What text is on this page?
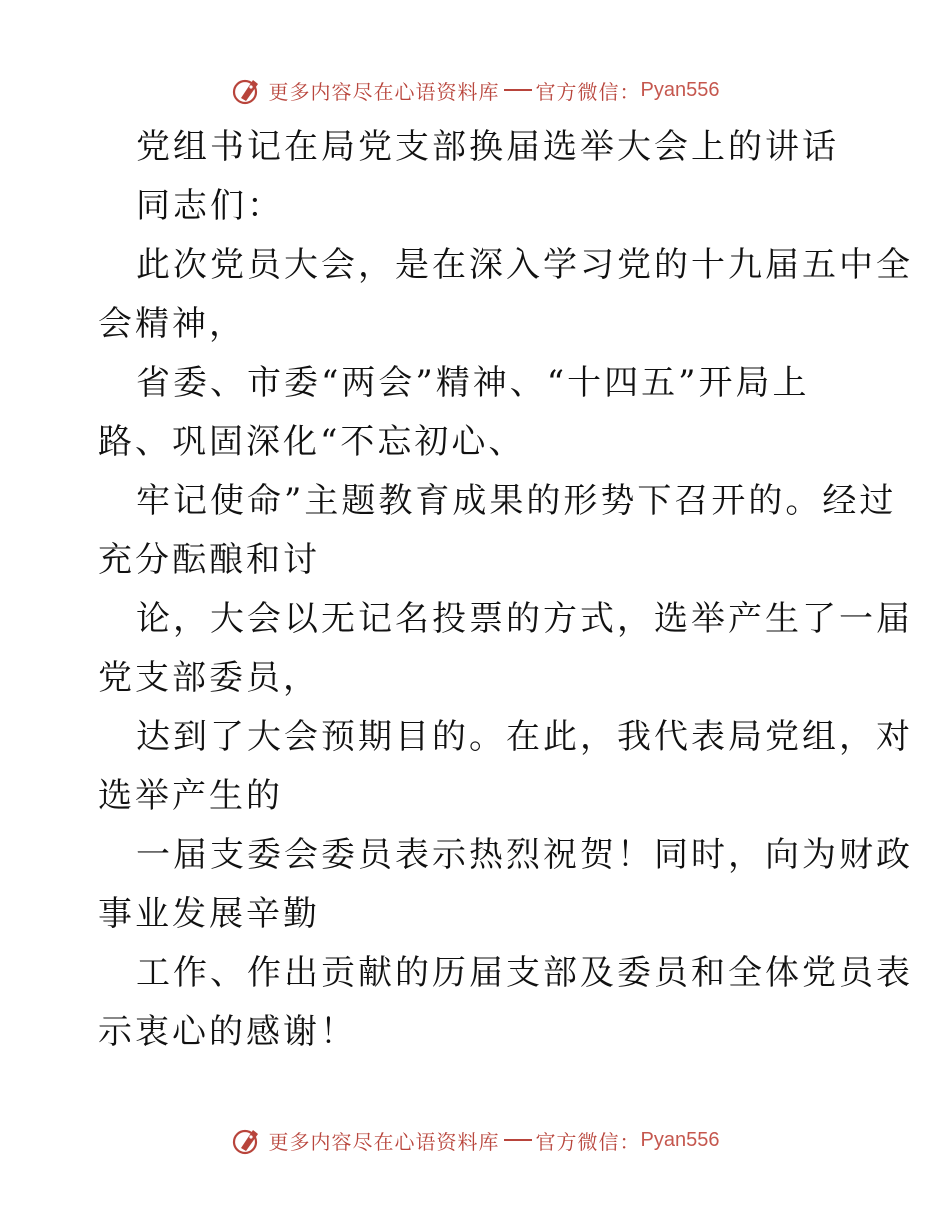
更多内容尽在心语资料库 官方微信： Pyan556
党组书记在局党支部换届选举大会上的讲话
同志们：
此次党员大会，是在深入学习党的十九届五中全
会精神，
省委、市委“两会”精神、“十四五”开局上
路、巩固深化“不忘初心、
牢记使命”主题教育成果的形势下召开的。经过
充分酝酿和讨
论，大会以无记名投票的方式，选举产生了一届
党支部委员，
达到了大会预期目的。在此，我代表局党组，对
选举产生的
一届支委会委员表示热烈祝贺！同时，向为财政
事业发展辛勤
工作、作出贡献的历届支部及委员和全体党员表
示衷心的感谢！
更多内容尽在心语资料库 官方微信： Pyan556
